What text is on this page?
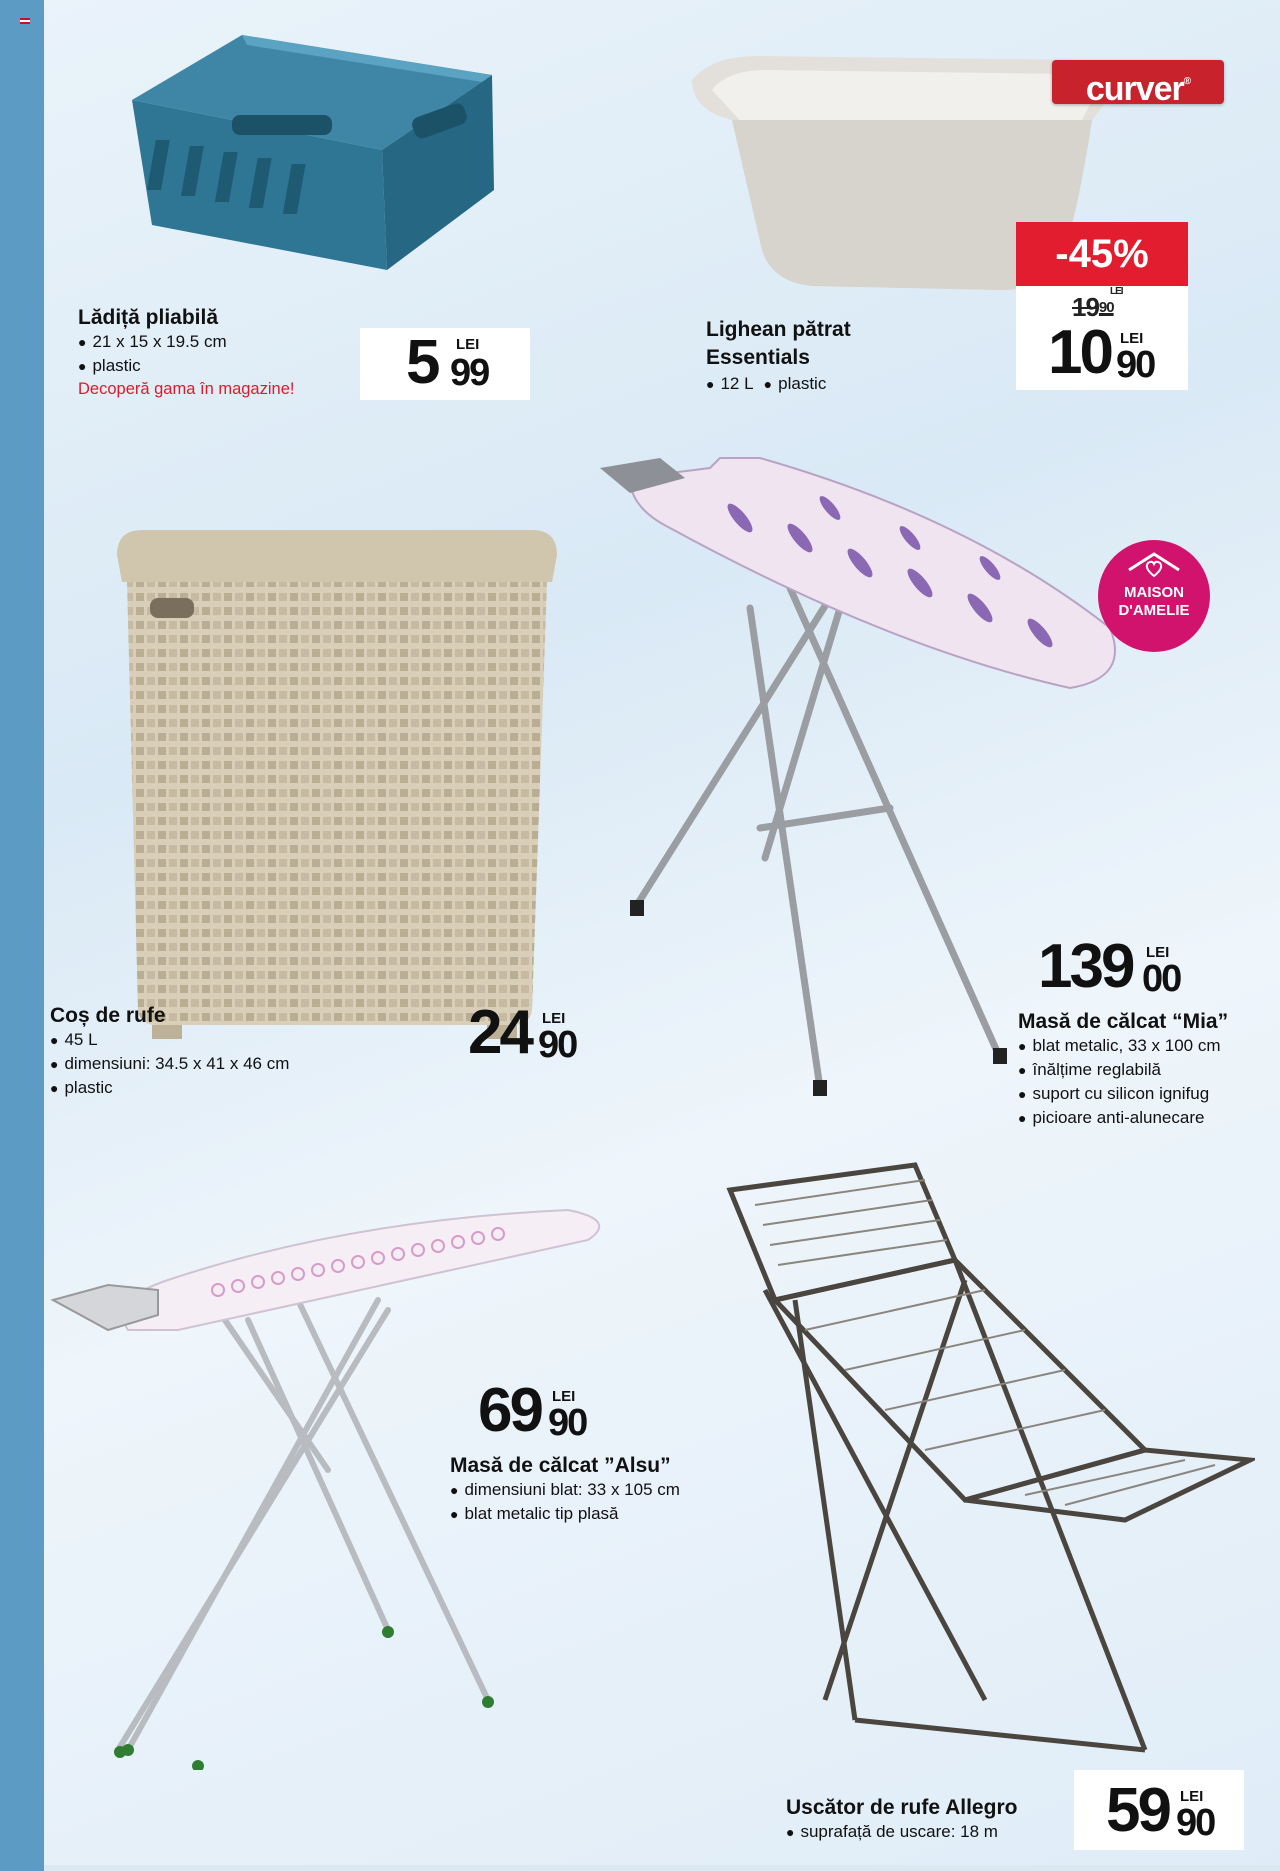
Lădiță pliabilă
● 21 x 15 x 19.5 cm
● plastic
Decoperă gama în magazine! 5 LEI
99
curver®
-45%
1990
LEI
10 LEI
90
Lighean pătrat
Essentials
● 12 L ● plastic
Coș de rufe
● 45 L
● dimensiuni: 34.5 x 41 x 46 cm
● plastic
24 LEI
90
MAISON
D'AMELIE
139 LEI
00
Masă de călcat “Mia”
● blat metalic, 33 x 100 cm
● înălțime reglabilă
● suport cu silicon ignifug
● picioare anti-alunecare
69 LEI
90
Masă de călcat ”Alsu”
● dimensiuni blat: 33 x 105 cm
● blat metalic tip plasă
Uscător de rufe Allegro
● suprafață de uscare: 18 m 59 LEI
90
